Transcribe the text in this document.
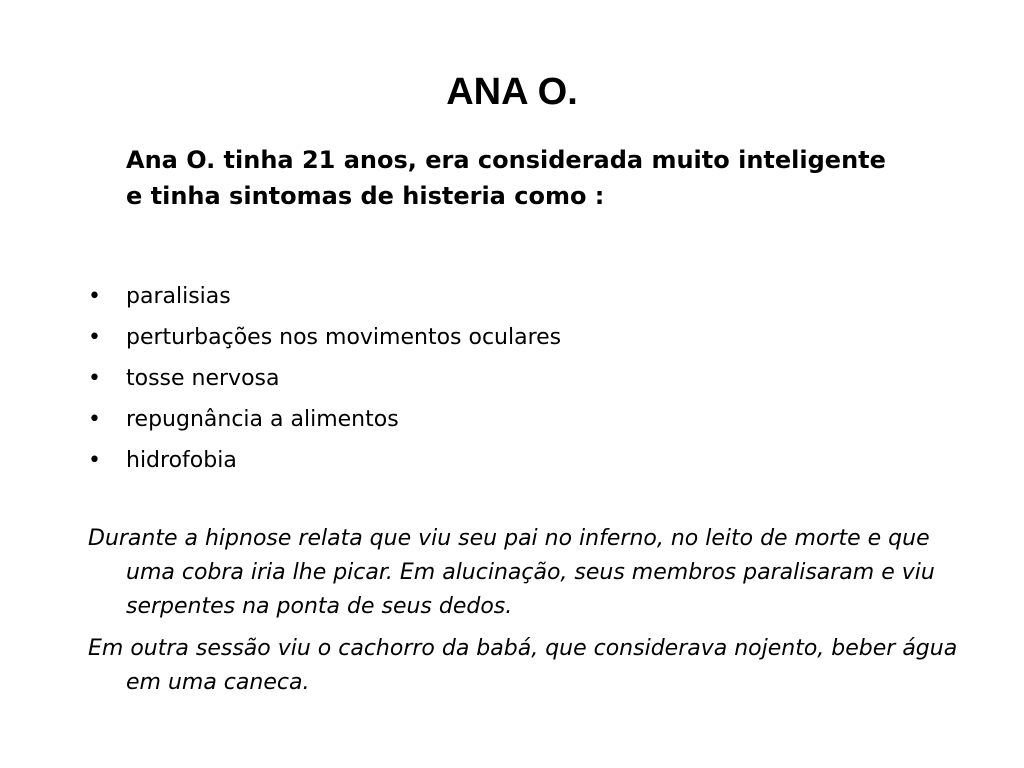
ANA O.

Ana O. tinha 21 anos, era considerada muito inteligente e tinha sintomas de histeria como :

•	paralisias
•	perturbações nos movimentos oculares
•	tosse nervosa
•	repugnância a alimentos
•	hidrofobia

Durante a hipnose relata que viu seu pai no inferno, no leito de morte e que uma cobra iria lhe picar. Em alucinação, seus membros paralisaram e viu serpentes na ponta de seus dedos.

Em outra sessão viu o cachorro da babá, que considerava nojento, beber água em uma caneca.
